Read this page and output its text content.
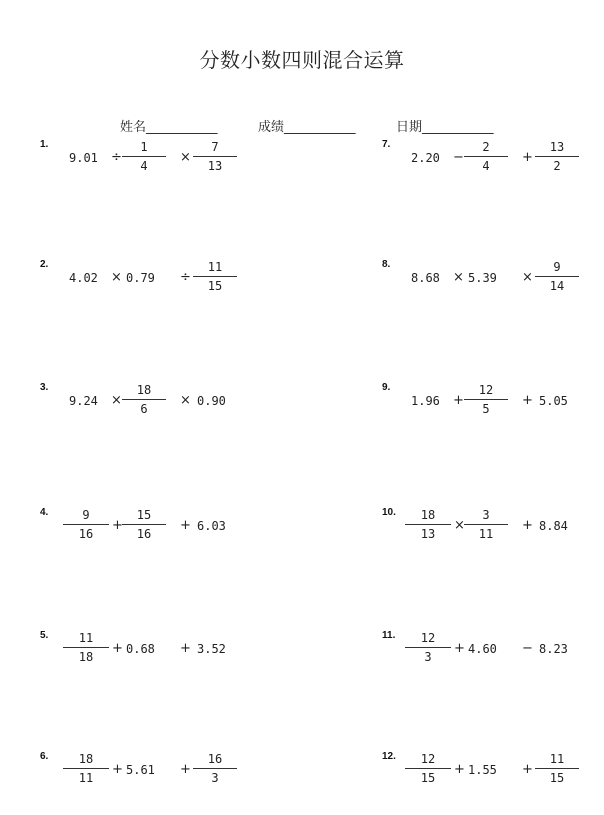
分数小数四则混合运算
姓名___________	成绩___________	日期___________
1.
9.01 ÷
1
4
×
7
13
2.
4.02 × 0.79 ÷
11
15
3.
9.24 ×
18
6
× 0.90
4.	9
16
+
15
16
+ 6.03
5.	11
18
+ 0.68 + 3.52
6.	18
11
+ 5.61 +
16
3
7.
2.20 −
2
4
+
13
2
8.
8.68 × 5.39 ×
9
14
9.
1.96 +
12
5
+ 5.05
10.	18
13
×
3
11
+ 8.84
11.	12
3
+ 4.60 − 8.23
12.	12
15
+ 1.55 +
11
15
